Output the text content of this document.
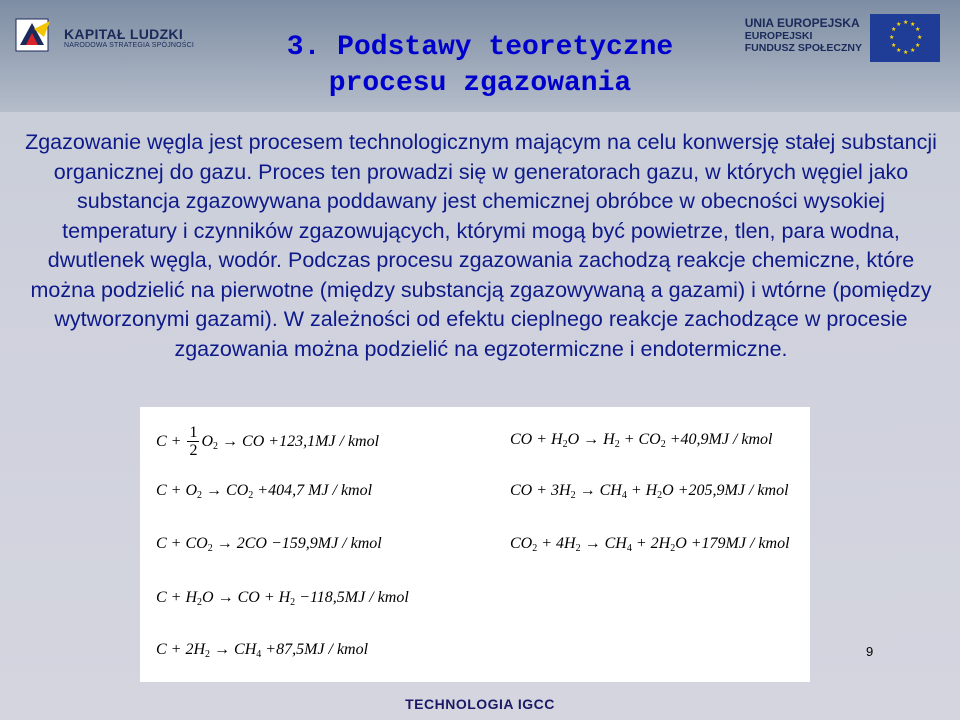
KAPITAŁ LUDZKI
NARODOWA STRATEGIA SPÓJNOŚCI
UNIA EUROPEJSKA
EUROPEJSKI
FUNDUSZ SPOŁECZNY
★ ★
★
★
★
★
★
★
★
★
★
★
3. Podstawy teoretyczne
procesu zgazowania
Zgazowanie węgla jest procesem technologicznym mającym na celu konwersję stałej substancji organicznej do gazu. Proces ten prowadzi się w generatorach gazu, w których węgiel jako substancja zgazowywana poddawany jest chemicznej obróbce w obecności wysokiej temperatury i czynników zgazowujących, którymi mogą być powietrze, tlen, para wodna, dwutlenek węgla, wodór. Podczas procesu zgazowania zachodzą reakcje chemiczne, które można podzielić na pierwotne (między substancją zgazowywaną a gazami) i wtórne (pomiędzy wytworzonymi gazami). W zależności od efektu cieplnego reakcje zachodzące w procesie zgazowania można podzielić na egzotermiczne i endotermiczne.
$C + \frac{1}{2} O_2$ → CO +123,1MJ / kmol
$C + O_2 \to CO_2 +404,7$ MJ / kmol
$C + CO_2 \to 2CO -159,9MJ$ / kmol
$C + H_2O$ → CO + $H_2 -118,5MJ$ / kmol
$C + 2H_2 \to CH_4 +87,5MJ$ / kmol
CO + $H_2O \to H_2 + CO_2 +40,9MJ$ / kmol
CO + $3H_2 \to CH_4 + H_2O +205,9MJ$ / kmol
$CO_2 + 4H_2 \to CH_4 + 2H_2O +179MJ$ / kmol
9
TECHNOLOGIA IGCC
